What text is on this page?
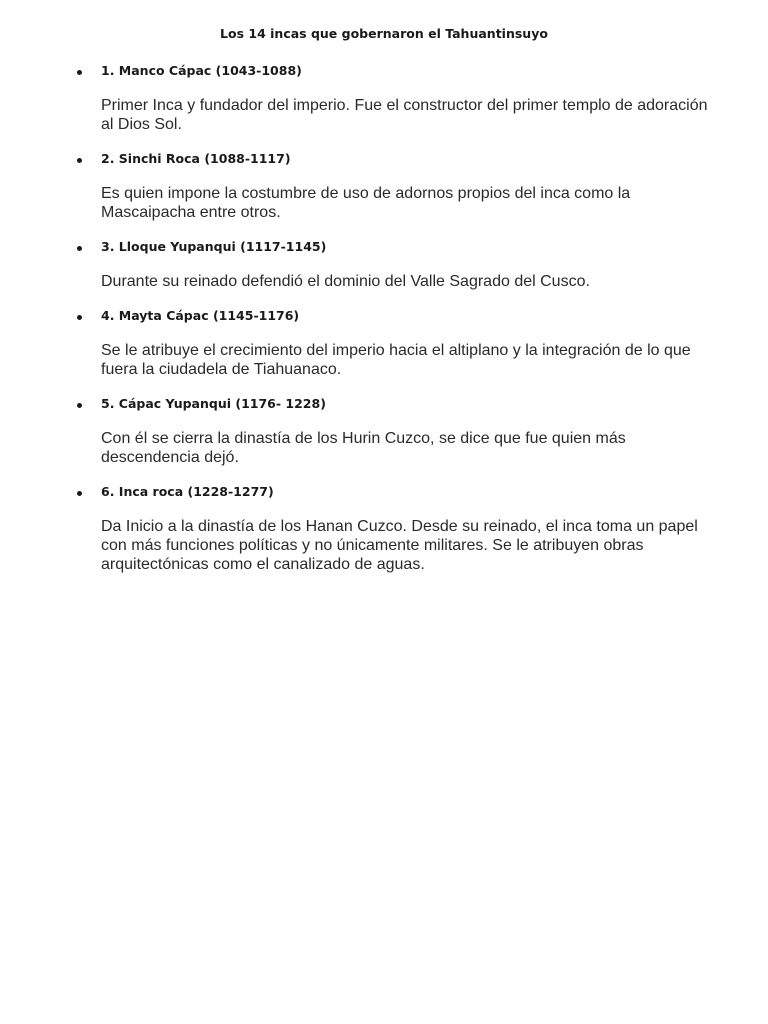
Los 14 incas que gobernaron el Tahuantinsuyo
1. Manco Cápac (1043-1088)

Primer Inca y fundador del imperio. Fue el constructor del primer templo de adoración al Dios Sol.

2. Sinchi Roca (1088-1117)

Es quien impone la costumbre de uso de adornos propios del inca como la Mascaipacha entre otros.

3. Lloque Yupanqui (1117-1145)

Durante su reinado defendió el dominio del Valle Sagrado del Cusco.

4. Mayta Cápac (1145-1176)

Se le atribuye el crecimiento del imperio hacia el altiplano y la integración de lo que fuera la ciudadela de Tiahuanaco.

5. Cápac Yupanqui (1176- 1228)

Con él se cierra la dinastía de los Hurin Cuzco, se dice que fue quien más descendencia dejó.

6. Inca roca (1228-1277)

Da Inicio a la dinastía de los Hanan Cuzco. Desde su reinado, el inca toma un papel con más funciones políticas y no únicamente militares. Se le atribuyen obras arquitectónicas como el canalizado de aguas.
